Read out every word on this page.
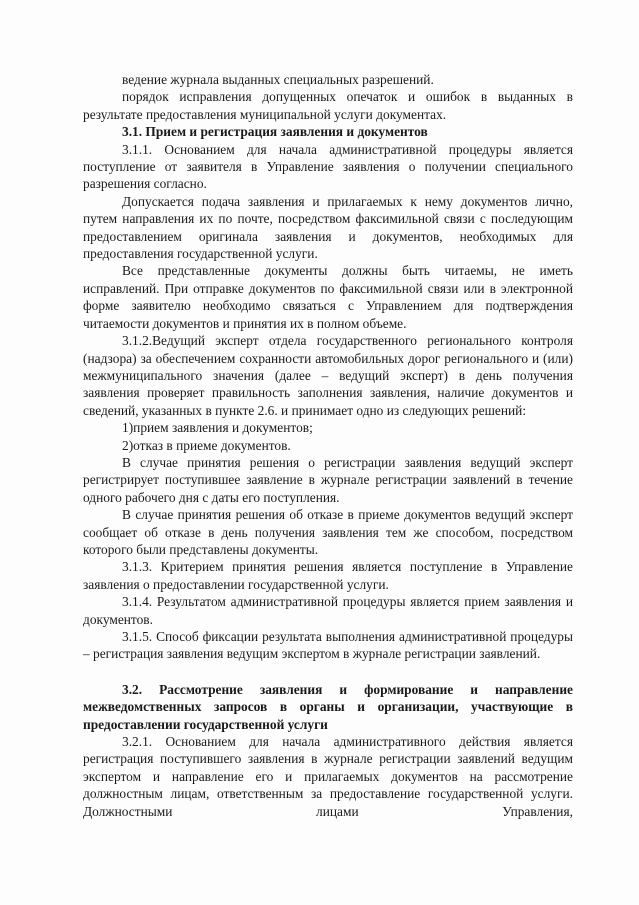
ведение журнала выданных специальных разрешений.

порядок исправления допущенных опечаток и ошибок в выданных в результате предоставления муниципальной услуги документах.

3.1. Прием и регистрация заявления и документов

3.1.1. Основанием для начала административной процедуры является поступление от заявителя в Управление заявления о получении специального разрешения согласно.

Допускается подача заявления и прилагаемых к нему документов лично, путем направления их по почте, посредством факсимильной связи с последующим предоставлением оригинала заявления и документов, необходимых для предоставления государственной услуги.

Все представленные документы должны быть читаемы, не иметь исправлений. При отправке документов по факсимильной связи или в электронной форме заявителю необходимо связаться с Управлением для подтверждения читаемости документов и принятия их в полном объеме.

3.1.2.Ведущий эксперт отдела государственного регионального контроля (надзора) за обеспечением сохранности автомобильных дорог регионального и (или) межмуниципального значения (далее – ведущий эксперт) в день получения заявления проверяет правильность заполнения заявления, наличие документов и сведений, указанных в пункте 2.6. и принимает одно из следующих решений:

1)прием заявления и документов;

2)отказ в приеме документов.

В случае принятия решения о регистрации заявления ведущий эксперт регистрирует поступившее заявление в журнале регистрации заявлений в течение одного рабочего дня с даты его поступления.

В случае принятия решения об отказе в приеме документов ведущий эксперт сообщает об отказе в день получения заявления тем же способом, посредством которого были представлены документы.

3.1.3. Критерием принятия решения является поступление в Управление заявления о предоставлении государственной услуги.

3.1.4. Результатом административной процедуры является прием заявления и документов.

3.1.5. Способ фиксации результата выполнения административной процедуры – регистрация заявления ведущим экспертом в журнале регистрации заявлений.

3.2. Рассмотрение заявления и формирование и направление межведомственных запросов в органы и организации, участвующие в предоставлении государственной услуги

3.2.1. Основанием для начала административного действия является регистрация поступившего заявления в журнале регистрации заявлений ведущим экспертом и направление его и прилагаемых документов на рассмотрение должностным лицам, ответственным за предоставление государственной услуги. Должностными лицами Управления,
